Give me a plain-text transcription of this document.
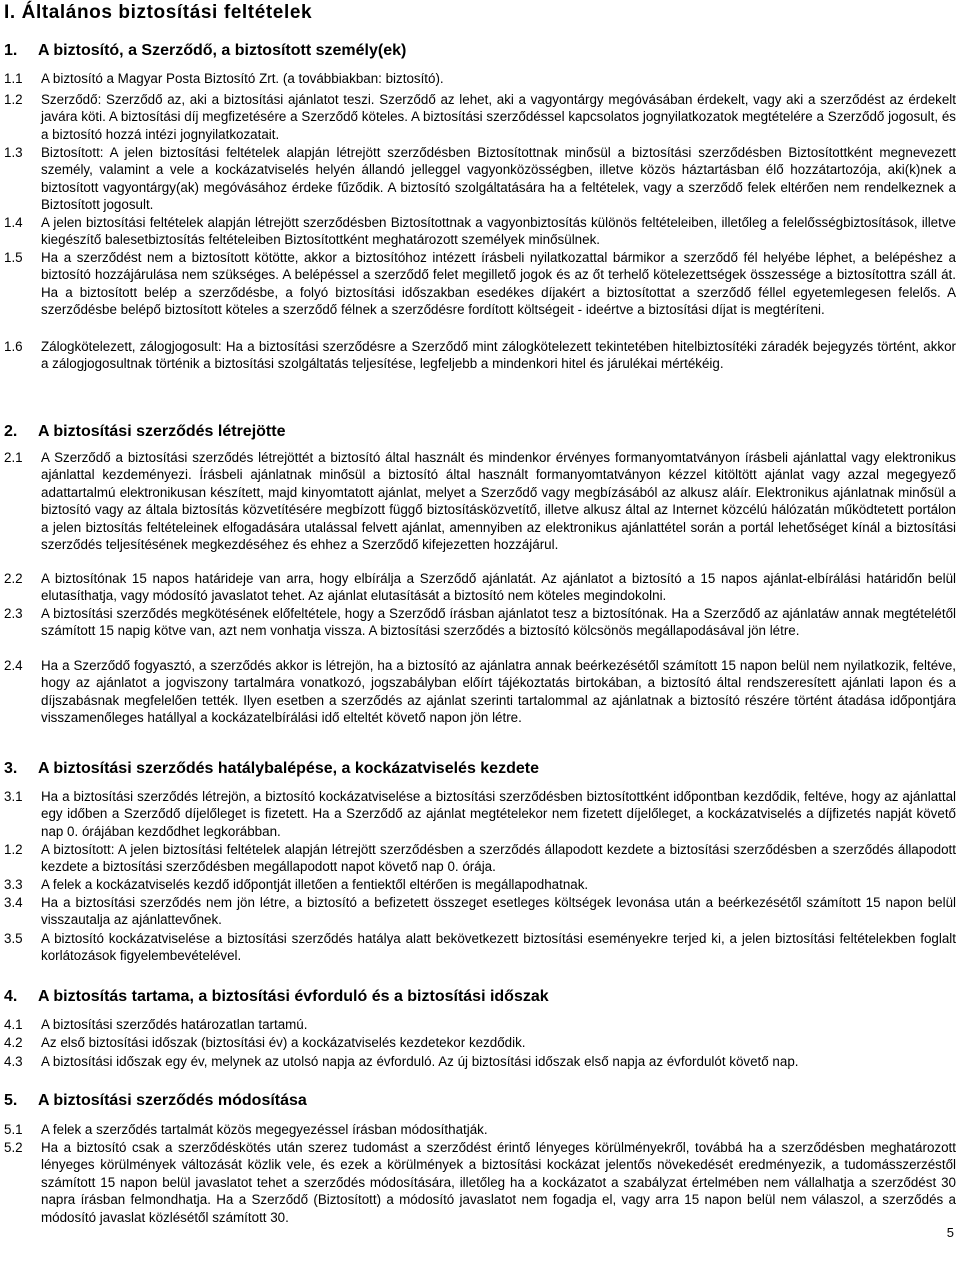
I. Általános biztosítási feltételek
1. A biztosító, a Szerződő, a biztosított személy(ek)
1.1	A biztosító a Magyar Posta Biztosító Zrt. (a továbbiakban: biztosító).
1.2	Szerződő: Szerződő az, aki a biztosítási ajánlatot teszi. Szerződő az lehet, aki a vagyontárgy megóvásában érdekelt, vagy aki a szerződést az érdekelt javára köti. A biztosítási díj megfizetésére a Szerződő köteles. A biztosítási szerződéssel kapcsolatos jognyilatkozatok megtételére a Szerződő jogosult, és a biztosító hozzá intézi jognyilatkozatait.
1.3	Biztosított: A jelen biztosítási feltételek alapján létrejött szerződésben Biztosítottnak minősül a biztosítási szerződésben Biztosítottként megnevezett személy, valamint a vele a kockázatviselés helyén állandó jelleggel vagyonközösségben, illetve közös háztartásban élő hozzátartozója, aki(k)nek a biztosított vagyontárgy(ak) megóvásához érdeke fűződik. A biztosító szolgáltatására ha a feltételek, vagy a szerződő felek eltérően nem rendelkeznek a Biztosított jogosult.
1.4	A jelen biztosítási feltételek alapján létrejött szerződésben Biztosítottnak a vagyonbiztosítás különös feltételeiben, illetőleg a felelősségbiztosítások, illetve kiegészítő balesetbiztosítás feltételeiben Biztosítottként meghatározott személyek minősülnek.
1.5	Ha a szerződést nem a biztosított kötötte, akkor a biztosítóhoz intézett írásbeli nyilatkozattal bármikor a szerződő fél helyébe léphet, a belépéshez a biztosító hozzájárulása nem szükséges. A belépéssel a szerződő felet megillető jogok és az őt terhelő kötelezettségek összessége a biztosítottra száll át. Ha a biztosított belép a szerződésbe, a folyó biztosítási időszakban esedékes díjakért a biztosítottat a szerződő féllel egyetemlegesen felelős. A szerződésbe belépő biztosított köteles a szerződő félnek a szerződésre fordított költségeit - ideértve a biztosítási díjat is megtéríteni.
1.6	Zálogkötelezett, zálogjogosult: Ha a biztosítási szerződésre a Szerződő mint zálogkötelezett tekintetében hitelbiztosítéki záradék bejegyzés történt, akkor a zálogjogosultnak történik a biztosítási szolgáltatás teljesítése, legfeljebb a mindenkori hitel és járulékai mértékéig.
2. A biztosítási szerződés létrejötte
2.1	A Szerződő a biztosítási szerződés létrejöttét a biztosító által használt és mindenkor érvényes formanyomtatványon írásbeli ajánlattal vagy elektronikus ajánlattal kezdeményezi. Írásbeli ajánlatnak minősül a biztosító által használt formanyomtatványon kézzel kitöltött ajánlat vagy azzal megegyező adattartalmú elektronikusan készített, majd kinyomtatott ajánlat, melyet a Szerződő vagy megbízásából az alkusz aláír. Elektronikus ajánlatnak minősül a biztosító vagy az általa biztosítás közvetítésére megbízott függő biztosításközvetítő, illetve alkusz által az Internet közcélú hálózatán működtetett portálon a jelen biztosítás feltételeinek elfogadására utalással felvett ajánlat, amennyiben az elektronikus ajánlattétel során a portál lehetőséget kínál a biztosítási szerződés teljesítésének megkezdéséhez és ehhez a Szerződő kifejezetten hozzájárul.
2.2	A biztosítónak 15 napos határideje van arra, hogy elbírálja a Szerződő ajánlatát. Az ajánlatot a biztosító a 15 napos ajánlat-elbírálási határidőn belül elutasíthatja, vagy módosító javaslatot tehet. Az ajánlat elutasítását a biztosító nem köteles megindokolni.
2.3	A biztosítási szerződés megkötésének előfeltétele, hogy a Szerződő írásban ajánlatot tesz a biztosítónak. Ha a Szerződő az ajánlatáw annak megtételétől számított 15 napig kötve van, azt nem vonhatja vissza. A biztosítási szerződés a biztosító kölcsönös megállapodásával jön létre.
2.4	Ha a Szerződő fogyasztó, a szerződés akkor is létrejön, ha a biztosító az ajánlatra annak beérkezésétől számított 15 napon belül nem nyilatkozik, feltéve, hogy az ajánlatot a jogviszony tartalmára vonatkozó, jogszabályban előírt tájékoztatás birtokában, a biztosító által rendszeresített ajánlati lapon és a díjszabásnak megfelelően tették. Ilyen esetben a szerződés az ajánlat szerinti tartalommal az ajánlatnak a biztosító részére történt átadása időpontjára visszamenőleges hatállyal a kockázatelbírálási idő elteltét követő napon jön létre.
3. A biztosítási szerződés hatálybalépése, a kockázatviselés kezdete
3.1	Ha a biztosítási szerződés létrejön, a biztosító kockázatviselése a biztosítási szerződésben biztosítottként időpontban kezdődik, feltéve, hogy az ajánlattal egy időben a Szerződő díjelőleget is fizetett. Ha a Szerződő az ajánlat megtételekor nem fizetett díjelőleget, a kockázatviselés a díjfizetés napját követő nap 0. órájában kezdődhet legkorábban.
1.2	A biztosított: A jelen biztosítási feltételek alapján létrejött szerződésben a szerződés állapodott kezdete a biztosítási szerződésben a szerződés állapodott kezdete a biztosítási szerződésben megállapodott napot követő nap 0. órája.
3.3	A felek a kockázatviselés kezdő időpontját illetően a fentiektől eltérően is megállapodhatnak.
3.4	Ha a biztosítási szerződés nem jön létre, a biztosító a befizetett összeget esetleges költségek levonása után a beérkezésétől számított 15 napon belül visszautalja az ajánlattevőnek.
3.5	A biztosító kockázatviselése a biztosítási szerződés hatálya alatt bekövetkezett biztosítási eseményekre terjed ki, a jelen biztosítási feltételekben foglalt korlátozások figyelembevételével.
4. A biztosítás tartama, a biztosítási évforduló és a biztosítási időszak
4.1	A biztosítási szerződés határozatlan tartamú.
4.2	Az első biztosítási időszak (biztosítási év) a kockázatviselés kezdetekor kezdődik.
4.3	A biztosítási időszak egy év, melynek az utolsó napja az évforduló. Az új biztosítási időszak első napja az évfordulót követő nap.
5. A biztosítási szerződés módosítása
5.1	A felek a szerződés tartalmát közös megegyezéssel írásban módosíthatják.
5.2	Ha a biztosító csak a szerződéskötés után szerez tudomást a szerződést érintő lényeges körülményekről, továbbá ha a szerződésben meghatározott lényeges körülmények változását közlik vele, és ezek a körülmények a biztosítási kockázat jelentős növekedését eredményezik, a tudomásszerzéstől számított 15 napon belül javaslatot tehet a szerződés módosítására, illetőleg ha a kockázatot a szabályzat értelmében nem vállalhatja a szerződést 30 napra írásban felmondhatja. Ha a Szerződő (Biztosított) a módosító javaslatot nem fogadja el, vagy arra 15 napon belül nem válaszol, a szerződés a módosító javaslat közlésétől számított 30.
5
